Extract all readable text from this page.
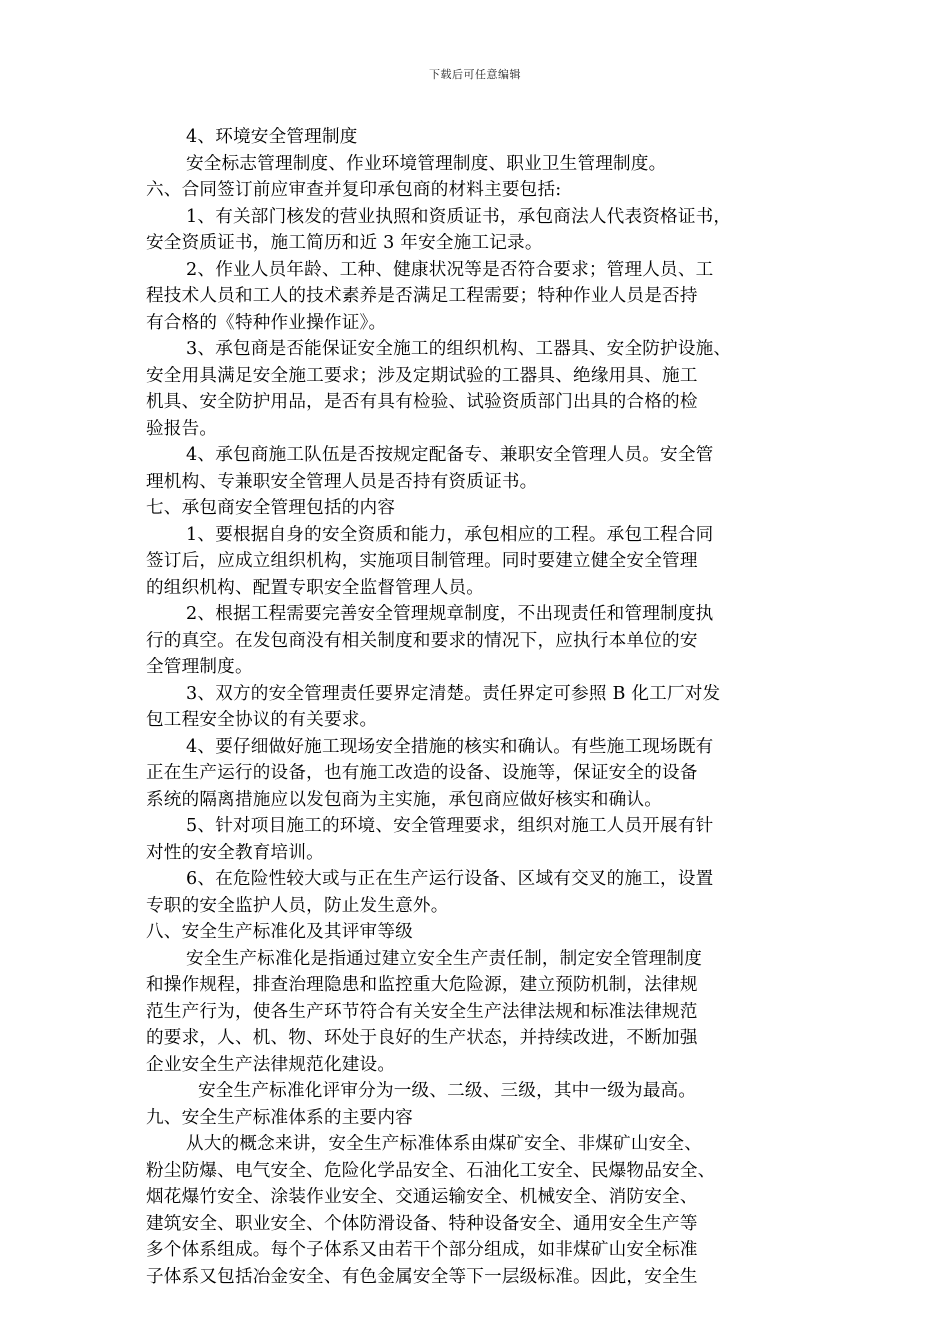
下载后可任意编辑
4、环境安全管理制度
安全标志管理制度、作业环境管理制度、职业卫生管理制度。
六、合同签订前应审查并复印承包商的材料主要包括:
1、有关部门核发的营业执照和资质证书，承包商法人代表资格证书，
安全资质证书，施工简历和近 3 年安全施工记录。
2、作业人员年龄、工种、健康状况等是否符合要求；管理人员、工
程技术人员和工人的技术素养是否满足工程需要；特种作业人员是否持
有合格的《特种作业操作证》。
3、承包商是否能保证安全施工的组织机构、工器具、安全防护设施、
安全用具满足安全施工要求；涉及定期试验的工器具、绝缘用具、施工
机具、安全防护用品，是否有具有检验、试验资质部门出具的合格的检
验报告。
4、承包商施工队伍是否按规定配备专、兼职安全管理人员。安全管
理机构、专兼职安全管理人员是否持有资质证书。
七、承包商安全管理包括的内容
1、要根据自身的安全资质和能力，承包相应的工程。承包工程合同
签订后，应成立组织机构，实施项目制管理。同时要建立健全安全管理
的组织机构、配置专职安全监督管理人员。
2、根据工程需要完善安全管理规章制度，不出现责任和管理制度执
行的真空。在发包商没有相关制度和要求的情况下，应执行本单位的安
全管理制度。
3、双方的安全管理责任要界定清楚。责任界定可参照 B 化工厂对发
包工程安全协议的有关要求。
4、要仔细做好施工现场安全措施的核实和确认。有些施工现场既有
正在生产运行的设备，也有施工改造的设备、设施等，保证安全的设备
系统的隔离措施应以发包商为主实施，承包商应做好核实和确认。
5、针对项目施工的环境、安全管理要求，组织对施工人员开展有针
对性的安全教育培训。
6、在危险性较大或与正在生产运行设备、区域有交叉的施工，设置
专职的安全监护人员，防止发生意外。
八、安全生产标准化及其评审等级
安全生产标准化是指通过建立安全生产责任制，制定安全管理制度
和操作规程，排查治理隐患和监控重大危险源，建立预防机制，法律规
范生产行为，使各生产环节符合有关安全生产法律法规和标准法律规范
的要求，人、机、物、环处于良好的生产状态，并持续改进，不断加强
企业安全生产法律规范化建设。
安全生产标准化评审分为一级、二级、三级，其中一级为最高。
九、安全生产标准体系的主要内容
从大的概念来讲，安全生产标准体系由煤矿安全、非煤矿山安全、
粉尘防爆、电气安全、危险化学品安全、石油化工安全、民爆物品安全、
烟花爆竹安全、涂装作业安全、交通运输安全、机械安全、消防安全、
建筑安全、职业安全、个体防滑设备、特种设备安全、通用安全生产等
多个体系组成。每个子体系又由若干个部分组成，如非煤矿山安全标准
子体系又包括冶金安全、有色金属安全等下一层级标准。因此，安全生
